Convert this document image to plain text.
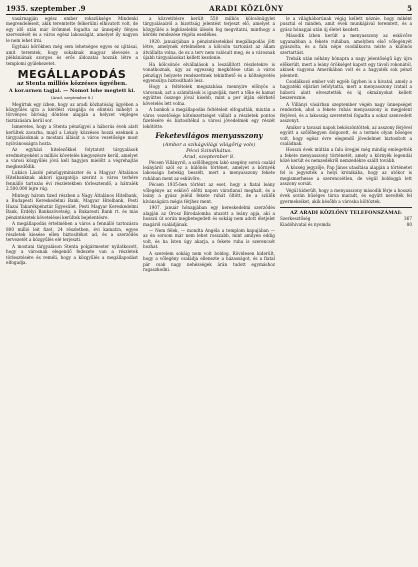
1935. szeptember .9	ARADI KÖZLÖNY	5

vasárnapján egész ember rokszüksége Mindenki megrendeléseit, akik teremtette felkerülni elhivatott volt, de egy idő után már örömmel fogadta az ünnepély fényes szervezését és a város egész lakosságát, amelyet ily nagyon le nem lehet írni.

Egyházi körökben még sem lehetséges egyes ez ujitásai, amit teremtek, hogy sokaknak magyar idevezés a plébániának szorgos és erős áldozatai hozzák létre a templomi gyülekezetet.

MEGÁLLAPODÁS
az Stenta milliós közzéses ügyében.
A kor.urnen tagjai. — Nomot lohe megtett ki.
(Arad, szeptember 8.)

Megírtuk egy ízben, hogy az aradi közhatóság ügyében a közgyűlés ujra a kérdést vizsgálja és elintézi mihelyt a törvényes bíróság döntése alapján a helyzet végleges tisztázására kerül sor.

Ismeretes, hogy a Stenta pénzügyei a háborús évek alatt kerültek zavarba, majd a Lokaly közzéses hozzá ezeknek a tárgyalásoknak a mostani állását a város vezetősége most nyilvánosságra hozta.

Az egyházi hitelezőkkel folytatott tárgyalások eredményeként a milliós követelés kiegyezésre kerül, amelyet a városi közgyűlés jóvá kell hagyjon mielőtt a végrehajtás megkezdődik.

Lukács László pénzügyminiszter és a Magyar Általános Hitelbanknak akkori igazgatója szerint a város terhére fennálló tartozás évi részletekben törlesztendő, a hátralék 2.500.000 lejre rúg.

Mintegy három tized részben a Nagy Általános Hitelbank, a Budapesti Kereskedelmi Bank, Magyar Hitelbank, Pesti Hazai Takarékpénztár Egyesület, Pesti Magyar Kereskedelmi Bank, Erdélyi Bankszövetség, a Bukaresti Bank rt. és más pénzintézetek követelései kerültek bejelentésre.

A megállapodás értelmében a város a fennálló tartozásra 800 millió leit fizet, 24 részletben, évi kamatra, egyes részletek kiesése ellen biztosítékot ad, és a szerződés tervezetét a közgyűlés elé terjeszti.

A mostani tárgyaláson Stenta polgármester nyilatkozott, hogy a városnak elegendő fedezete van a részletek törlesztésére és reméli, hogy a közgyűlés a megállapodást elfogadja.

a közvetítésre került 550 milliós kölcsönügylet tárgyalásairól a bizottság jelentést terjeszt elő, amelyet a közgyűlés a legközelebbi ülésén fog megvitatni, minthogy a kérdés rendezése régóta esedékes.

1920. januárjában a pénzintézetekkel megállapodás jött létre, amelynek értelmében a kölcsön tartozást az állam átvállalta volna, de ez a terv nem valósult meg, és a városnak újabb tárgyalásokat kellett kezdenie.

Ha kölcsönös elvállalások a leszállított részletekre is vonatkoznak, úgy az egyezség megkötése után a város pénzügyi helyzete rendezettnek tekinthető és a költségvetés egyensúlya biztosítható lesz.

Hogy a feltételek megszabása mennyire előnyös a városnak, azt a számítások is igazolják, mert a tőke és kamat együttes összege jóval kisebb, mint a per útján elérhető követelés lett volna.

A bankok a megállapodás feltételeit elfogadták, miután a város vezetősége kötelezettséget vállalt a részletek pontos fizetésére és biztosítékul a városi jövedelmek egy részét lekötötte.

Feketevilágos menyasszony
(Ambor a szikágvilági világőrig vols)
Pécsi Szindikátus.
Arad, szeptember 8.

Pécsen Villányról, a szőlőhegyen lakó szegény sorsú család leányáról szól ez a különös történet, amelyet a környék lakossága hetekig beszélt, mert a menyasszony fekete ruhában ment az esküvőre.

Pécsen 1935-ben történt az eset, hogy a fiatal leány vőlegénye az esküvő előtti napon váratlanul meghalt, és a leány a gyász jeléül fekete ruhát öltött, de a szülők kívánságára mégis férjhez ment.

1907. január hónapjában egy kereskedelmi szerződés alapján az Orosz Birodalomba utazott a leány apja, aki a hosszú út során megbetegedett és sokáig nem adott életjelet magáról családjának.

— Nem félek, — mondta Angéla a templom kapujában — az én sorsom már nem lehet rosszabb, mint amilyen eddig volt, és ha Isten úgy akarja, a fekete ruha is szerencsét hozhat.

A szerelem sokáig nem volt boldog. Rövidesen kiderült, hogy a vőlegény családja ellenezte a házasságot, és a fiatal pár csak nagy nehézségek árán tudott egymáshoz ragaszkodni.

le a világháborúnak végig kellett néznie, hogy miként pusztul el minden, amit évek munkájával teremtett, és a gyász hónapjai után új életet kezdett.

Második ízben került a menyasszony az esküvőre ugyanabban a fekete ruhában, amelyben első vőlegényét gyászolta, és a falu népe csodálkozva nézte a különös szertartást.

Trebák után néhány hónapra a nagy jelentőségű ügy újra előkerült, mert a leány örökséget kapott egy távoli rokonától, akinek vagyona Amerikában volt és a hagyaték sok pénzt jelentett.

Csodálkozó ember volt egyéb ügyben is a hivatal, amely a hagyatéki eljárást lefolytatta, mert a menyasszony iratait a háború alatt elvesztették és új okmányokat kellett beszereznie.

A Villányi vásárban szeptember végén nagy ünnepséget rendeztek, ahol a fekete ruhás menyasszony is megjelent férjével, és a lakosság szeretettel fogadta a sokat szenvedett asszonyt.

Amikor a tavaszi napok beköszöntöttek, az asszony férjével együtt a szőlőhegyen dolgozott, és a termés olyan bőséges volt, hogy egész évre elegendő jövedelmet biztosított a családnak.

Hosszú évek múltán a falu öregjei még mindig emlegették a fekete menyasszony történetét, amely a környék legendái közé került és nemzedékről nemzedékre szállt tovább.

A község jegyzője, Pap János utasítása alapján a történetet fel is jegyezték a helyi krónikába, hogy az utókor is megismerhesse a szerencsétlen, de végül boldoggá lett asszony sorsát.

Végül kiderült, hogy a menyasszony második férje a hosszú évek során hűséges társa maradt, és együtt nevelték fel gyermekeiket, akik később a városba költöztek.

AZ ARADI KÖZLÖNY TELEFONSZÁMAI:
Szerkesztőség	367
Kiadóhivatal és nyomda	80
